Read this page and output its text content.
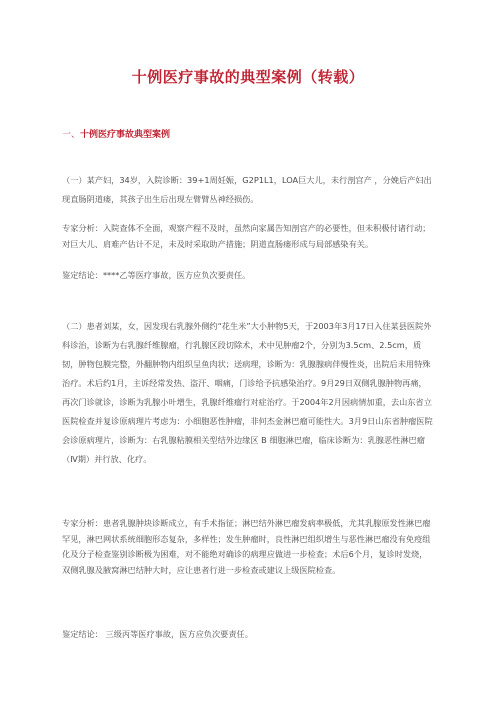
十例医疗事故的典型案例（转载）
一、十例医疗事故典型案例

（一）某产妇，34岁，入院诊断：39+1周妊娠，G2P1L1，LOA巨大儿，未行剖宫产 ，分娩后产妇出现直肠阴道瘘，其孩子出生后出现左臂臂丛神经损伤。

专家分析：入院查体不全面，观察产程不及时，虽然向家属告知剖宫产的必要性，但未积极付诸行动；对巨大儿、肩难产估计不足，未及时采取助产措施；阴道直肠瘘形成与局部感染有关。

鉴定结论：****乙等医疗事故，医方应负次要责任。

（二）患者刘某，女，因发现右乳腺外侧约“花生米”大小肿物5天，于2003年3月17日入住某县医院外科诊治，诊断为右乳腺纤维腺瘤，行乳腺区段切除术，术中见肿瘤2个，分别为3.5cm、2.5cm，质韧，肿物包膜完整，外翻肿物内组织呈鱼肉状；送病理，诊断为：乳腺腺病伴慢性炎，出院后未用特殊治疗。术后约1月，主诉经常发热、盗汗、咽痛，门诊给予抗感染治疗。9月29日双侧乳腺肿物再痛，再次门诊就诊，诊断为乳腺小叶增生，乳腺纤维瘤行对症治疗。于2004年2月因病情加重，去山东省立医院检查并复诊原病理片考虑为：小细胞恶性肿瘤，非何杰金淋巴瘤可能性大。3月9日山东省肿瘤医院会诊原病理片，诊断为：右乳腺粘膜相关型结外边缘区 B 细胞淋巴瘤，临床诊断为：乳腺恶性淋巴瘤（Ⅳ期）并行放、化疗。

专家分析：患者乳腺肿块诊断成立，有手术指征；淋巴结外淋巴瘤发病率极低，尤其乳腺原发性淋巴瘤罕见，淋巴网状系统细胞形态复杂，多样性；发生肿瘤时，良性淋巴组织增生与恶性淋巴瘤没有免疫组化及分子检查鉴别诊断极为困难，对不能绝对确诊的病理应做进一步检查；术后6个月，复诊时发烧，双侧乳腺及腋窝淋巴结肿大时，应让患者行进一步检查或建议上级医院检查。

鉴定结论： 三级丙等医疗事故，医方应负次要责任。
